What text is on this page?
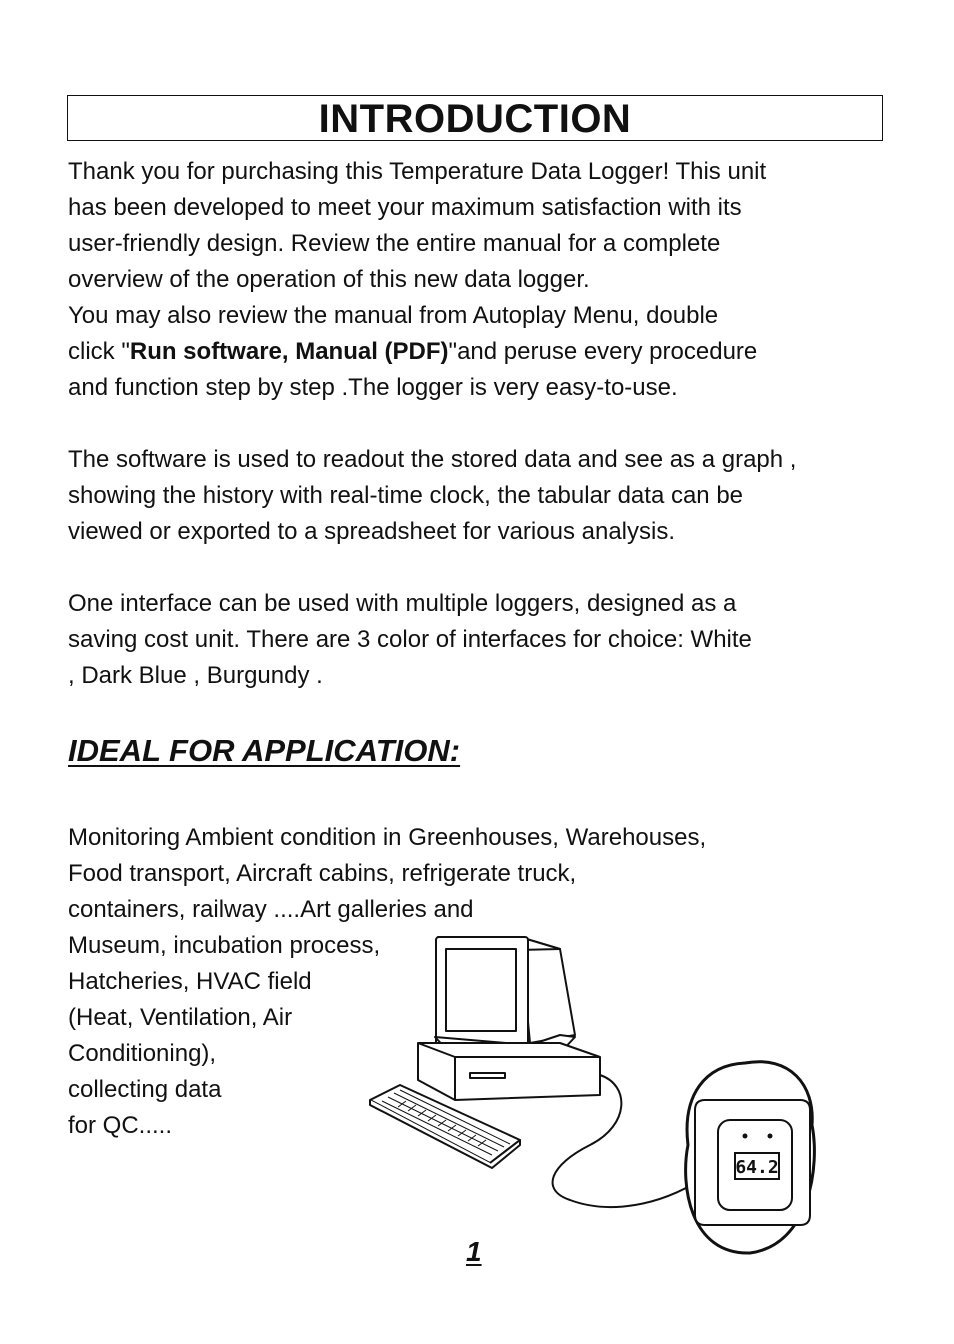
INTRODUCTION

Thank you for purchasing this Temperature Data Logger! This unit
has been developed to meet your maximum satisfaction with its
user-friendly design. Review the entire manual for a complete
overview of the operation of this new data logger.
You may also review the manual from Autoplay Menu, double
click "Run software, Manual (PDF)"and peruse every procedure
and function step by step .The logger is very easy-to-use.

The software is used to readout the stored data and see as a graph ,
showing the history with real-time clock, the tabular data can be
viewed or exported to a spreadsheet for various analysis.

One interface can be used with multiple loggers, designed as a
saving cost unit. There are 3 color of interfaces for choice: White
, Dark Blue , Burgundy .

IDEAL FOR APPLICATION:

Monitoring Ambient condition in Greenhouses, Warehouses,
Food transport, Aircraft cabins, refrigerate truck,
containers, railway ....Art galleries and
Museum, incubation process,
Hatcheries, HVAC field
(Heat, Ventilation, Air
Conditioning),
collecting data
for QC.....

64.2
1
